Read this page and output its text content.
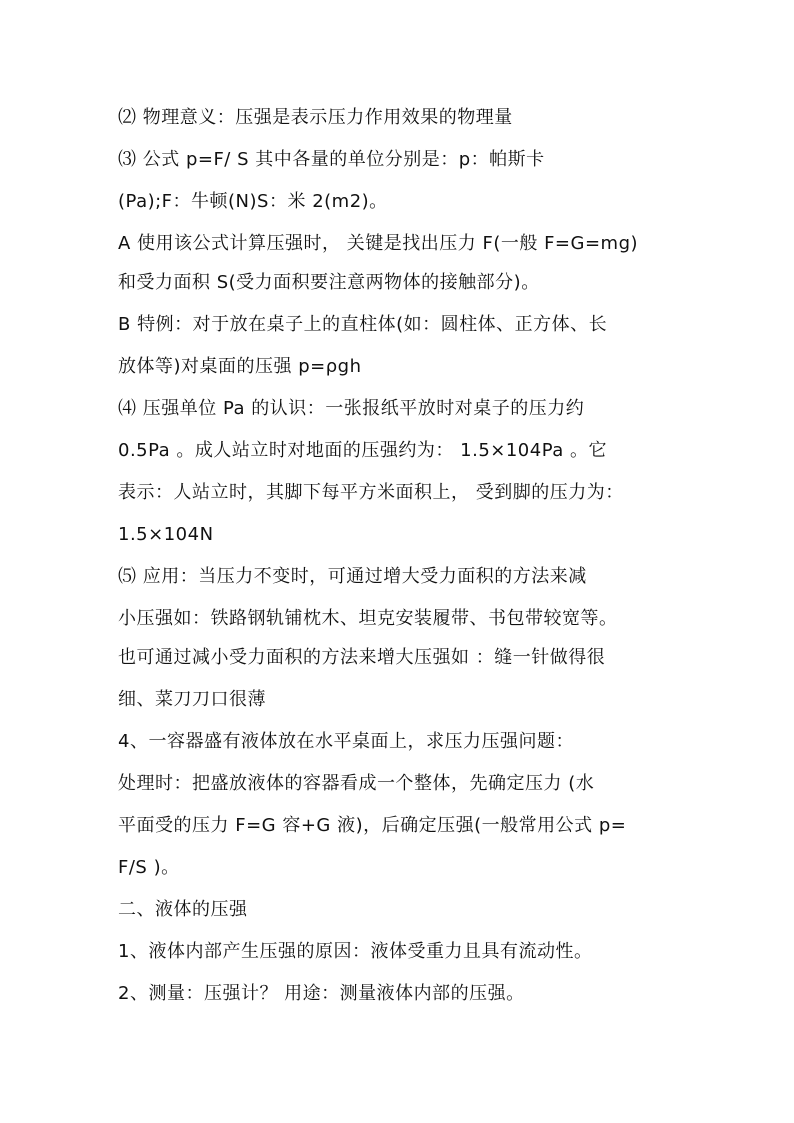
⑵ 物理意义：压强是表示压力作用效果的物理量
⑶ 公式 p=F/ S 其中各量的单位分别是：p：帕斯卡
(Pa);F：牛顿(N)S：米 2(m2)。
A 使用该公式计算压强时， 关键是找出压力 F(一般 F=G=mg)
和受力面积 S(受力面积要注意两物体的接触部分)。
B 特例：对于放在桌子上的直柱体(如：圆柱体、正方体、长
放体等)对桌面的压强 p=ρgh
⑷ 压强单位 Pa 的认识：一张报纸平放时对桌子的压力约
0.5Pa 。成人站立时对地面的压强约为： 1.5×104Pa 。它
表示：人站立时，其脚下每平方米面积上， 受到脚的压力为：
1.5×104N
⑸ 应用：当压力不变时，可通过增大受力面积的方法来减
小压强如：铁路钢轨铺枕木、坦克安装履带、书包带较宽等。
也可通过减小受力面积的方法来增大压强如 ：缝一针做得很
细、菜刀刀口很薄
4、一容器盛有液体放在水平桌面上，求压力压强问题：
处理时：把盛放液体的容器看成一个整体，先确定压力 (水
平面受的压力 F=G 容+G 液)，后确定压强(一般常用公式 p=
F/S )。
二、液体的压强
1、液体内部产生压强的原因：液体受重力且具有流动性。
2、测量：压强计？ 用途：测量液体内部的压强。
